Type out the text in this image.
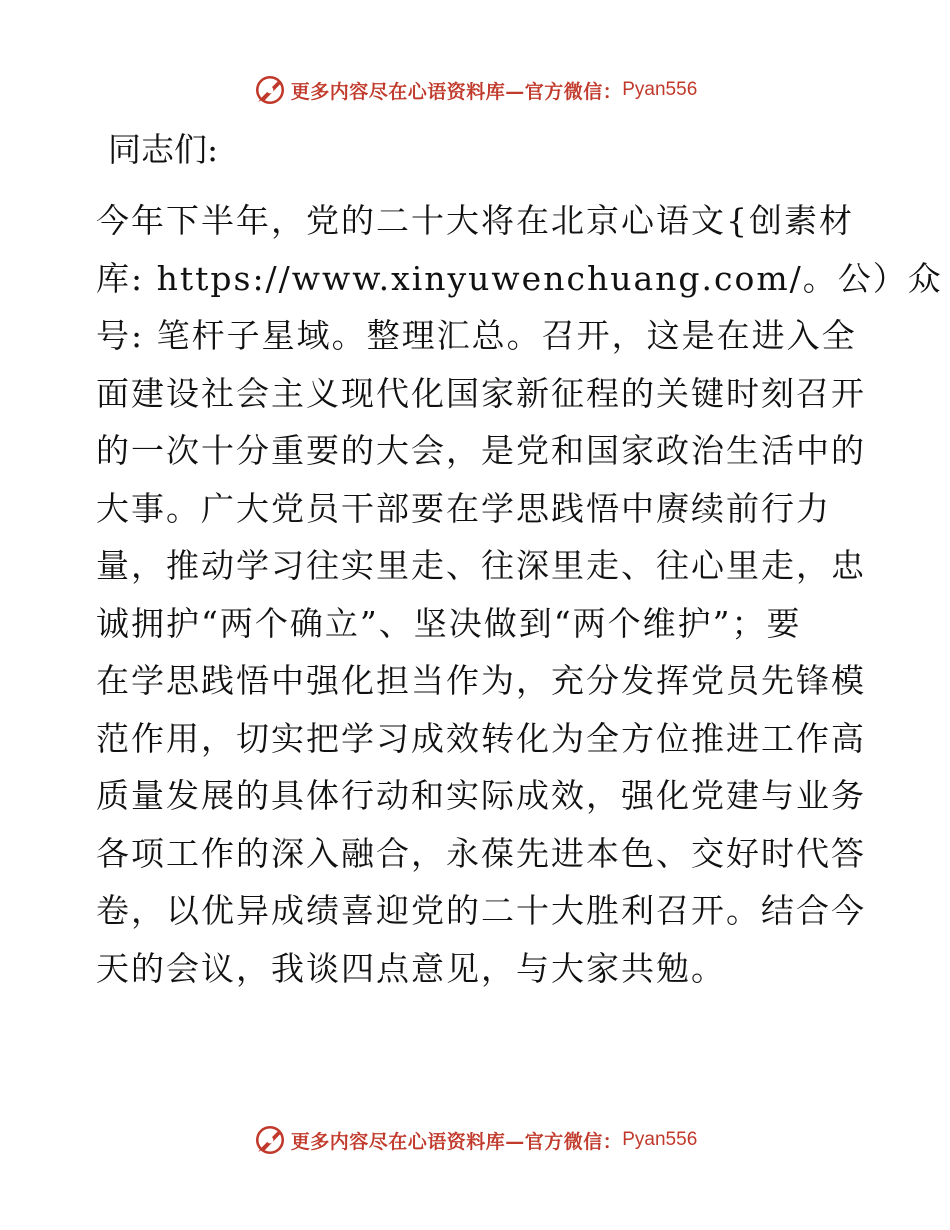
更多内容尽在心语资料库—官方微信： Pyan556
同志们:
今年下半年，党的二十大将在北京心语文{创素材
库: https://www.xinyuwenchuang.com/。公）众
号: 笔杆子星域。整理汇总。召开，这是在进入全
面建设社会主义现代化国家新征程的关键时刻召开
的一次十分重要的大会，是党和国家政治生活中的
大事。广大党员干部要在学思践悟中赓续前行力
量，推动学习往实里走、往深里走、往心里走，忠
诚拥护“两个确立”、坚决做到“两个维护”；要
在学思践悟中强化担当作为，充分发挥党员先锋模
范作用，切实把学习成效转化为全方位推进工作高
质量发展的具体行动和实际成效，强化党建与业务
各项工作的深入融合，永葆先进本色、交好时代答
卷，以优异成绩喜迎党的二十大胜利召开。结合今
天的会议，我谈四点意见，与大家共勉。
更多内容尽在心语资料库—官方微信： Pyan556
